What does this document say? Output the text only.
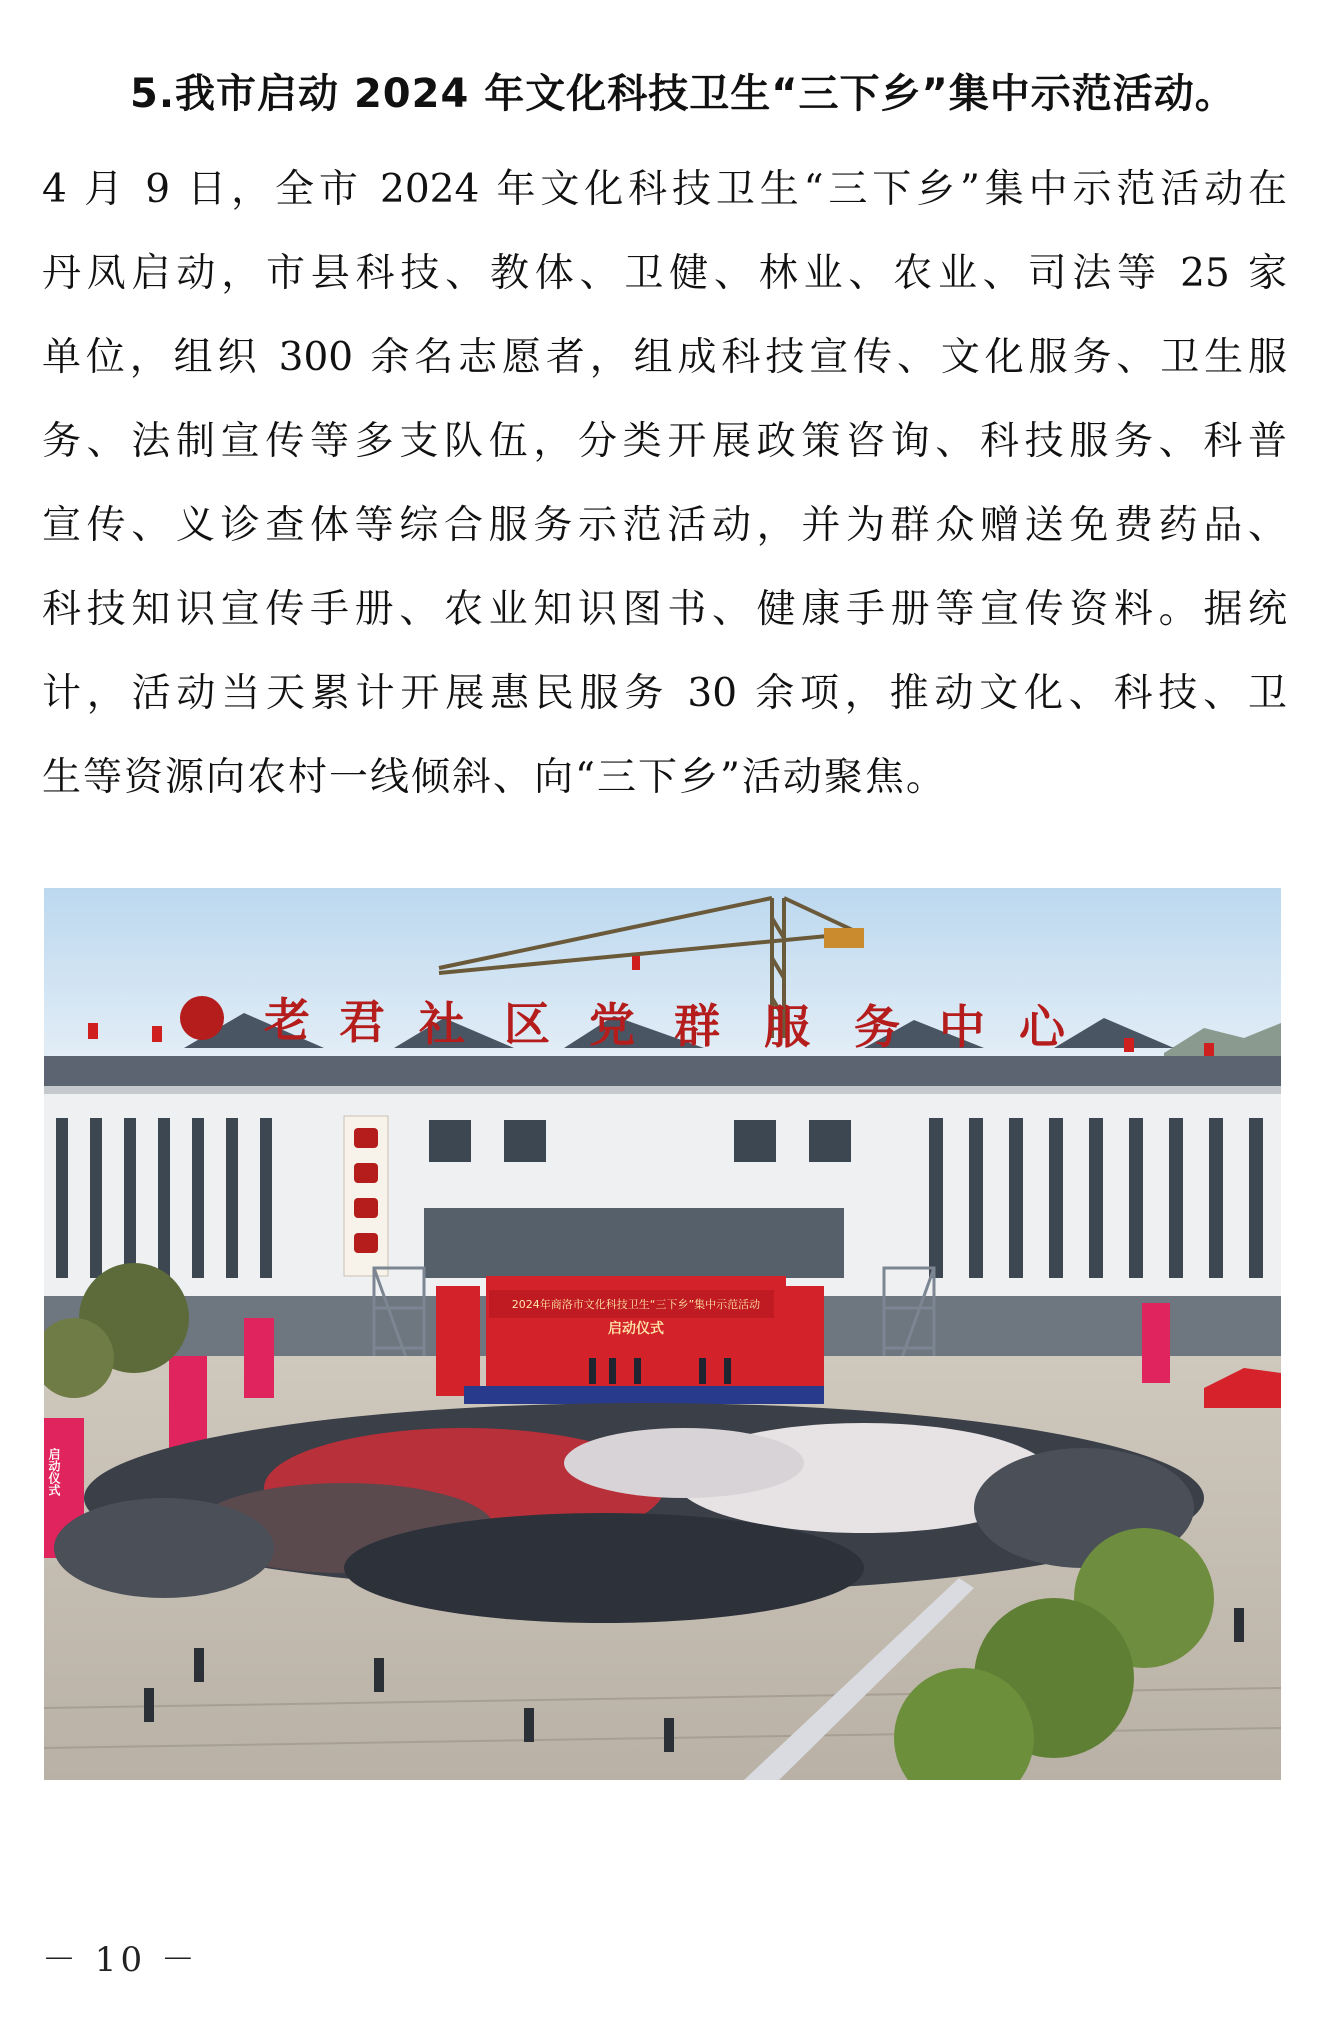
5.我市启动 2024 年文化科技卫生“三下乡”集中示范活动。
4 月 9 日，全市 2024 年文化科技卫生“三下乡”集中示范活动在
丹凤启动，市县科技、教体、卫健、林业、农业、司法等 25 家
单位，组织 300 余名志愿者，组成科技宣传、文化服务、卫生服
务、法制宣传等多支队伍，分类开展政策咨询、科技服务、科普
宣传、义诊查体等综合服务示范活动，并为群众赠送免费药品、
科技知识宣传手册、农业知识图书、健康手册等宣传资料。据统
计，活动当天累计开展惠民服务 30 余项，推动文化、科技、卫
生等资源向农村一线倾斜、向“三下乡”活动聚焦。
老 君 社 区 党 群 服 务 中 心
2024年商洛市文化科技卫生“三下乡”集中示范活动
启动仪式
启动仪式
－ 10 －
